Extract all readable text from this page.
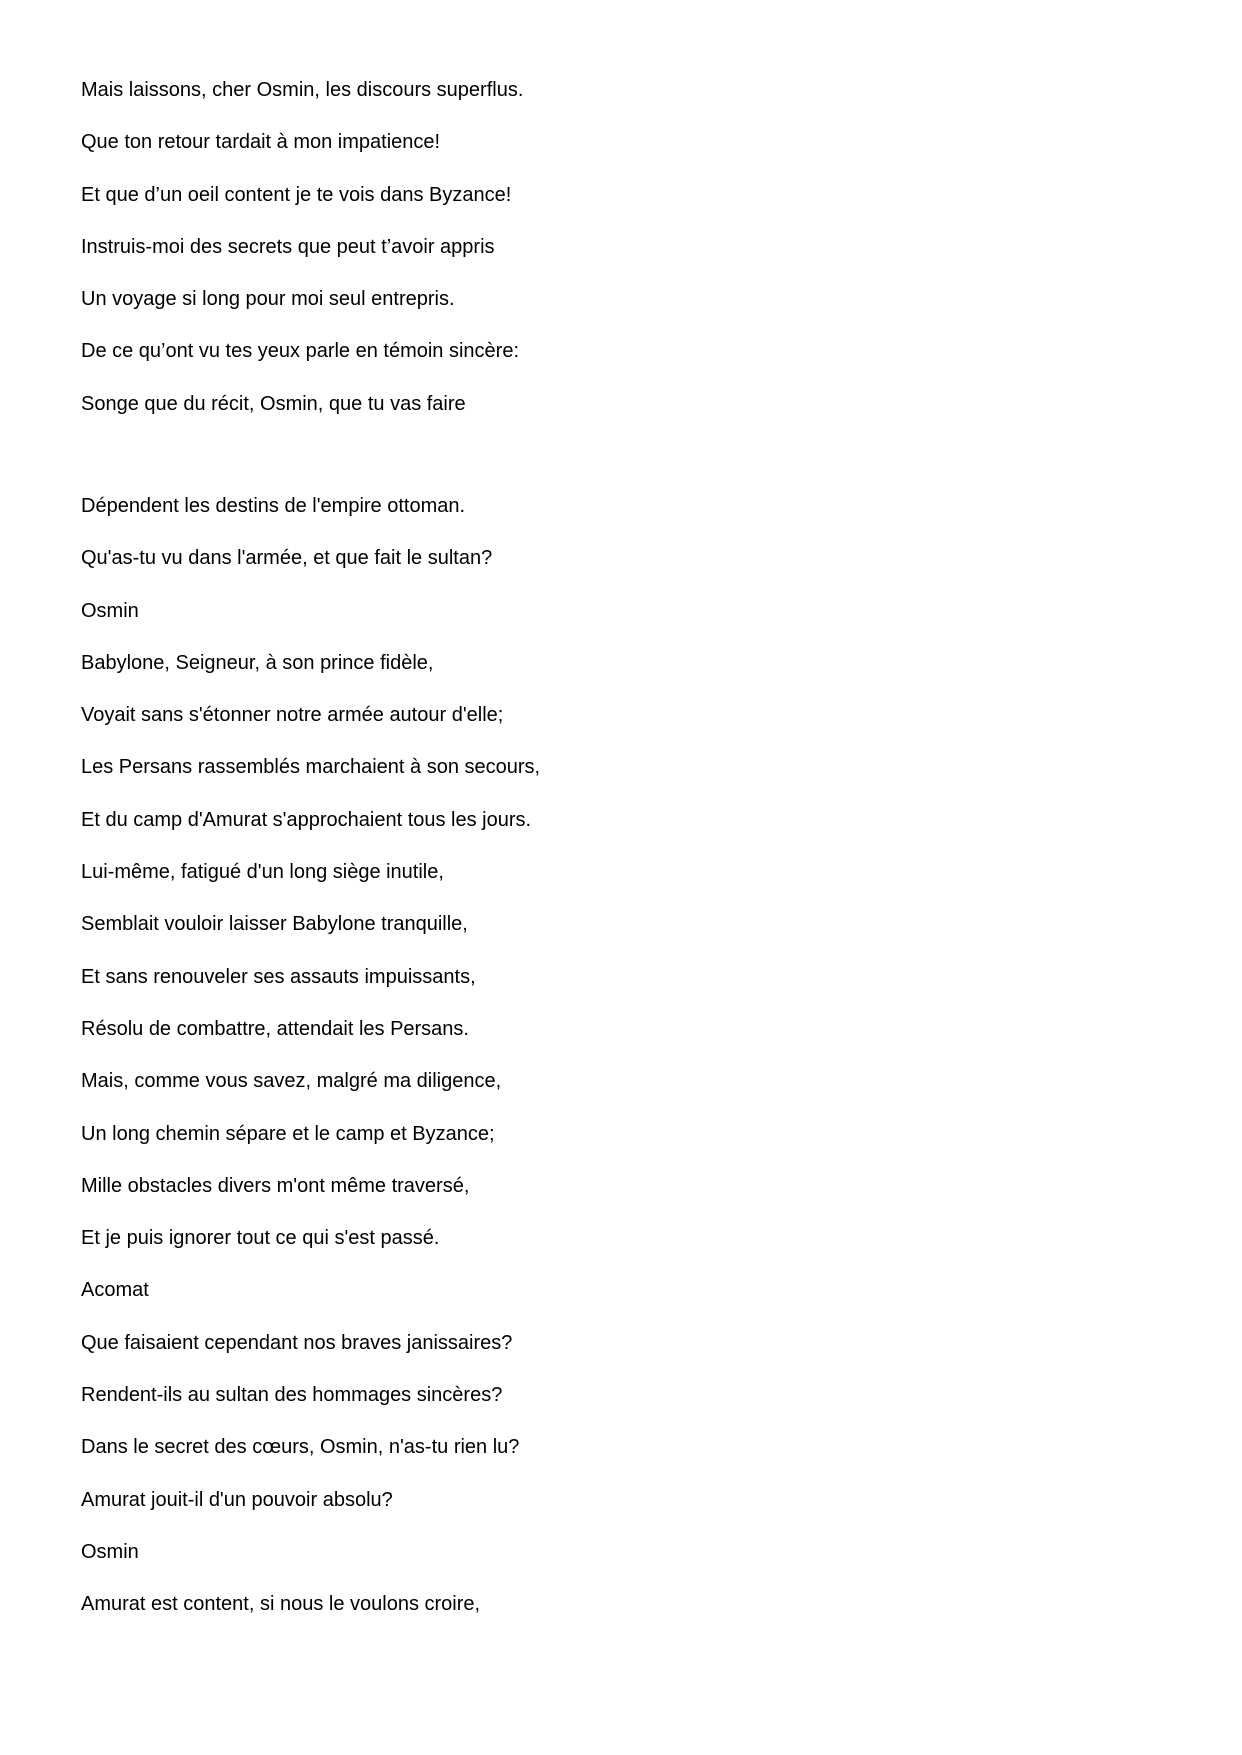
Mais laissons, cher Osmin, les discours superflus.
Que ton retour tardait à mon impatience!
Et que d’un oeil content je te vois dans Byzance!
Instruis-moi des secrets que peut t’avoir appris
Un voyage si long pour moi seul entrepris.
De ce qu’ont vu tes yeux parle en témoin sincère:
Songe que du récit, Osmin, que tu vas faire
Dépendent les destins de l'empire ottoman.
Qu'as-tu vu dans l'armée, et que fait le sultan?
Osmin
Babylone, Seigneur, à son prince fidèle,
Voyait sans s'étonner notre armée autour d'elle;
Les Persans rassemblés marchaient à son secours,
Et du camp d'Amurat s'approchaient tous les jours.
Lui-même, fatigué d'un long siège inutile,
Semblait vouloir laisser Babylone tranquille,
Et sans renouveler ses assauts impuissants,
Résolu de combattre, attendait les Persans.
Mais, comme vous savez, malgré ma diligence,
Un long chemin sépare et le camp et Byzance;
Mille obstacles divers m'ont même traversé,
Et je puis ignorer tout ce qui s'est passé.
Acomat
Que faisaient cependant nos braves janissaires?
Rendent-ils au sultan des hommages sincères?
Dans le secret des cœurs, Osmin, n'as-tu rien lu?
Amurat jouit-il d'un pouvoir absolu?
Osmin
Amurat est content, si nous le voulons croire,
